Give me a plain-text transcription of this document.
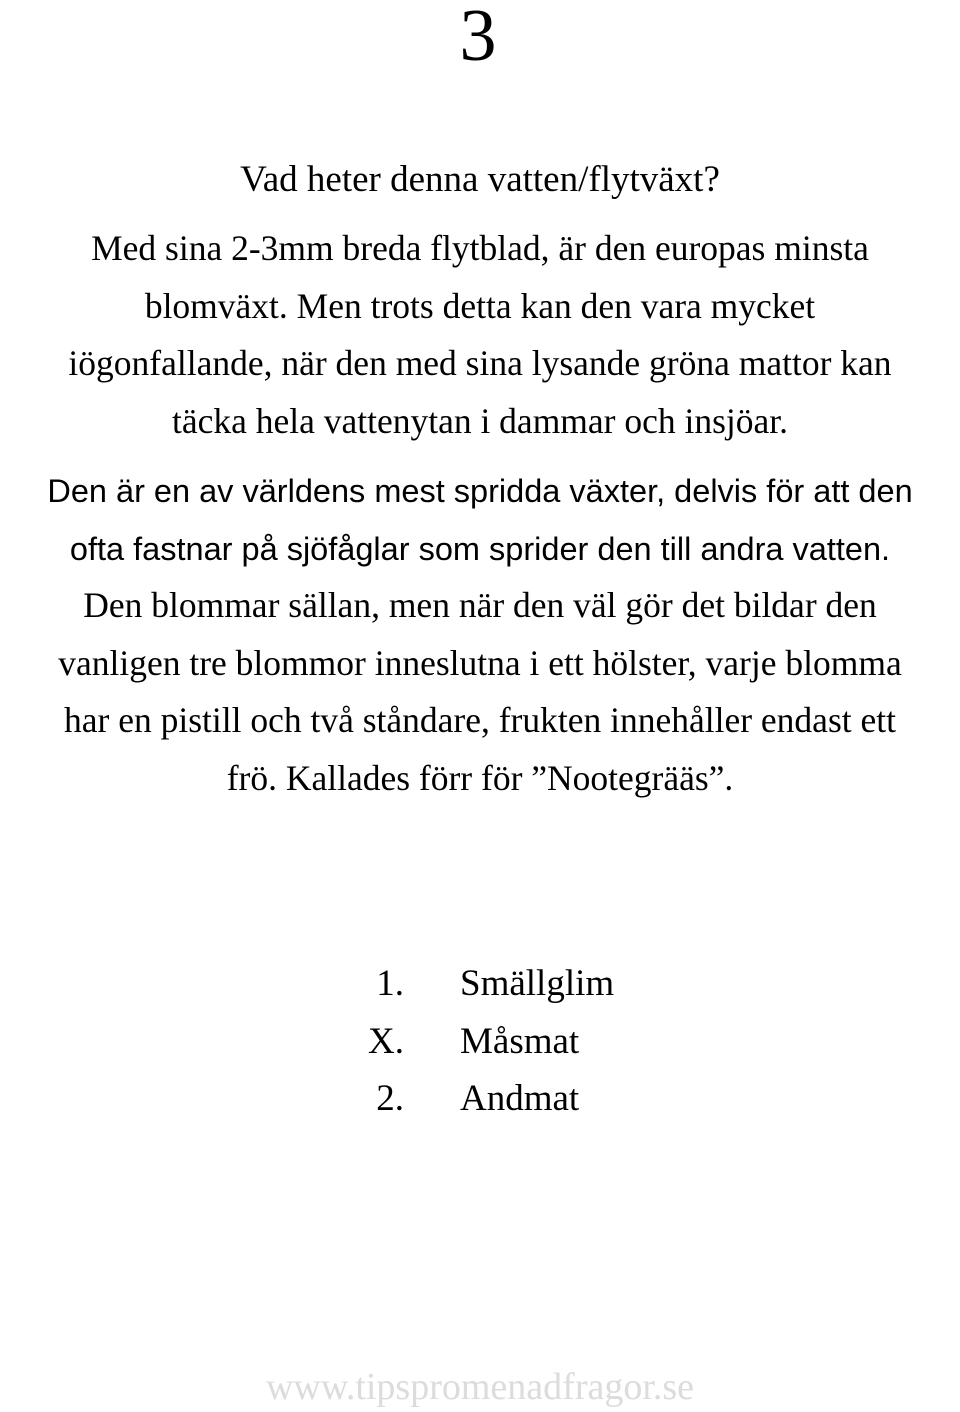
3
Vad heter denna vatten/flytväxt?
Med sina 2-3mm breda flytblad, är den europas minsta
blomväxt. Men trots detta kan den vara mycket
iögonfallande, när den med sina lysande gröna mattor kan
täcka hela vattenytan i dammar och insjöar.
Den är en av världens mest spridda växter, delvis för att den
ofta fastnar på sjöfåglar som sprider den till andra vatten.
Den blommar sällan, men när den väl gör det bildar den
vanligen tre blommor inneslutna i ett hölster, varje blomma
har en pistill och två ståndare, frukten innehåller endast ett
frö. Kallades förr för ”Nootegrääs”.
1. Smällglim
X. Måsmat
2. Andmat
www.tipspromenadfragor.se
